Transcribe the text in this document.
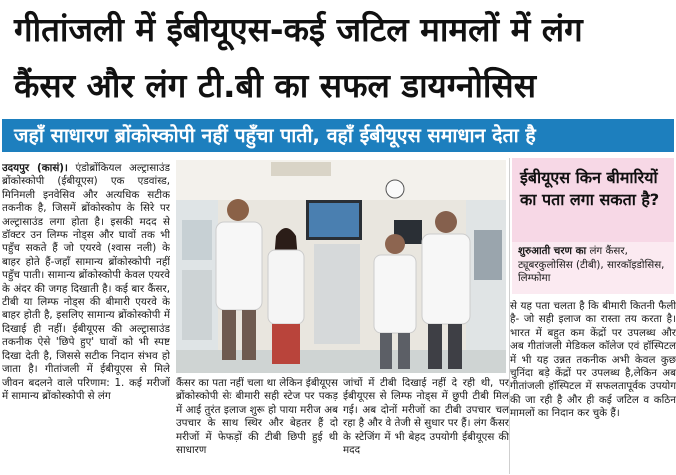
गीतांजली में ईबीयूएस-कई जटिल मामलों में लंग
कैंसर और लंग टी.बी का सफल डायग्नोसिस
जहाँ साधारण ब्रोंकोस्कोपी नहीं पहुँचा पाती, वहाँ ईबीयूएस समाधान देता है

उदयपुर (कासं)। एंडोब्रोंकियल अल्ट्रासाउंड ब्रोंकोस्कोपी (ईबीयूएस) एक एडवांस्ड, मिनिमली इनवेसिव और अत्यधिक सटीक तकनीक है, जिसमें ब्रोंकोस्कोप के सिरे पर अल्ट्रासाउंड लगा होता है। इसकी मदद से डॉक्टर उन लिम्फ नोड्स और घावों तक भी पहुँच सकते हैं जो एयरवे (श्वास नली) के बाहर होते हैं-जहाँ सामान्य ब्रोंकोस्कोपी नहीं पहुँच पाती। सामान्य ब्रोंकोस्कोपी केवल एयरवे के अंदर की जगह दिखाती है। कई बार कैंसर, टीबी या लिम्फ नोड्स की बीमारी एयरवे के बाहर होती है, इसलिए सामान्य ब्रोंकोस्कोपी में दिखाई ही नहीं। ईबीयूएस की अल्ट्रासाउंड तकनीक ऐसे 'छिपे हुए' घावों को भी स्पष्ट दिखा देती है, जिससे सटीक निदान संभव हो जाता है। गीतांजली में ईबीयूएस से मिले जीवन बदलने वाले परिणाम: 1. कई मरीजों में सामान्य ब्रोंकोस्कोपी से लंग

कैंसर का पता नहीं चला था लेकिन ईबीयूएस ब्रोंकोस्कोपी सेः बीमारी सही स्टेज पर पकड़ में आई तुरंत इलाज शुरू हो पाया मरीज अब उपचार के साथ स्थिर और बेहतर हैं दो मरीजों में फेफड़ों की टीबी छिपी हुई थी साधारण

जांचों में टीबी दिखाई नहीं दे रही थी, पर ईबीयूएस से लिम्फ नोड्स में छुपी टीबी मिल गई। अब दोनों मरीजों का टीबी उपचार चल रहा है और वे तेजी से सुधार पर हैं। लंग कैंसर के स्टेजिंग में भी बेहद उपयोगी ईबीयूएस की मदद

ईबीयूएस किन बीमारियों का पता लगा सकता है?
शुरुआती चरण का लंग कैंसर, ट्यूबरकुलोसिस (टीबी), सारकॉइडोसिस, लिम्फोमा

से यह पता चलता है कि बीमारी कितनी फैली है- जो सही इलाज का रास्ता तय करता है। भारत में बहुत कम केंद्रों पर उपलब्ध और अब गीतांजली मेडिकल कॉलेज एवं हॉस्पिटल में भी यह उन्नत तकनीक अभी केवल कुछ चुनिंदा बड़े केंद्रों पर उपलब्ध है,लेकिन अब गीतांजली हॉस्पिटल में सफलतापूर्वक उपयोग की जा रही है और ही कई जटिल व कठिन मामलों का निदान कर चुके हैं।
